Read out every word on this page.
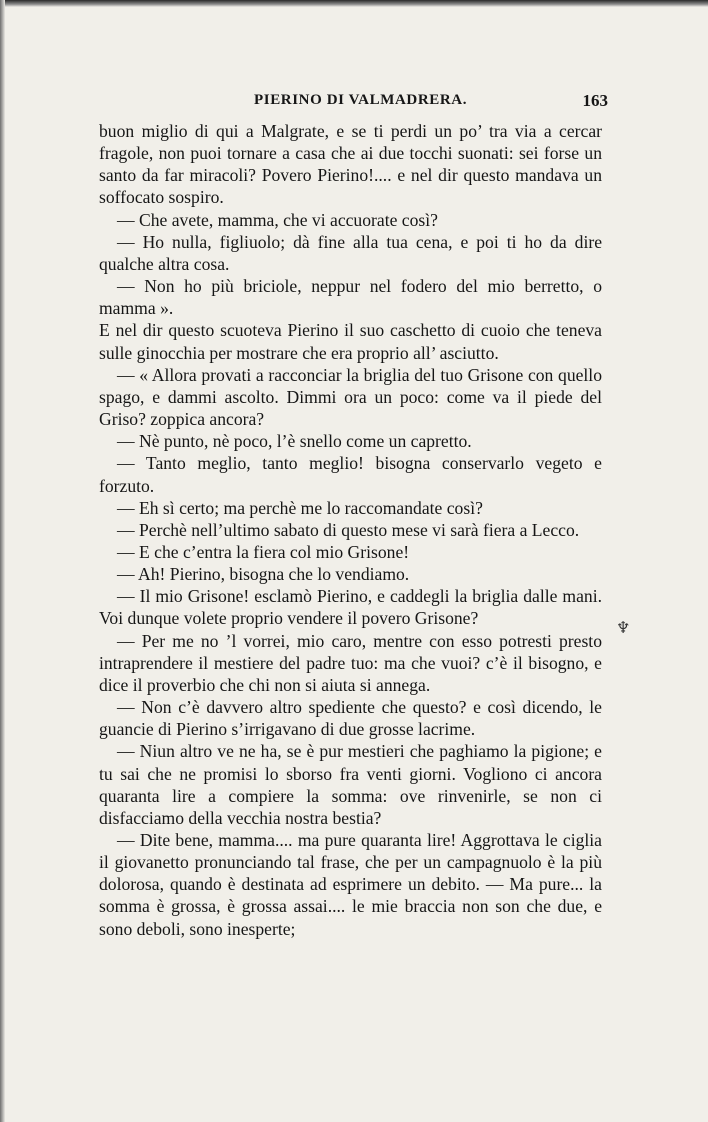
PIERINO DI VALMADRERA.	163

buon miglio di qui a Malgrate, e se ti perdi un po’ tra via a cercar fragole, non puoi tornare a casa che ai due tocchi suonati: sei forse un santo da far miracoli? Povero Pierino!.... e nel dir questo mandava un soffocato sospiro.

— Che avete, mamma, che vi accuorate così?

— Ho nulla, figliuolo; dà fine alla tua cena, e poi ti ho da dire qualche altra cosa.

— Non ho più briciole, neppur nel fodero del mio berretto, o mamma ».

E nel dir questo scuoteva Pierino il suo caschetto di cuoio che teneva sulle ginocchia per mostrare che era proprio all’ asciutto.

— « Allora provati a racconciar la briglia del tuo Grisone con quello spago, e dammi ascolto. Dimmi ora un poco: come va il piede del Griso? zoppica ancora?

— Nè punto, nè poco, l’è snello come un capretto.

— Tanto meglio, tanto meglio! bisogna conservarlo vegeto e forzuto.

— Eh sì certo; ma perchè me lo raccomandate così?

— Perchè nell’ultimo sabato di questo mese vi sarà fiera a Lecco.

— E che c’entra la fiera col mio Grisone!

— Ah! Pierino, bisogna che lo vendiamo.

— Il mio Grisone! esclamò Pierino, e caddegli la briglia dalle mani. Voi dunque volete proprio vendere il povero Grisone?

— Per me no ’l vorrei, mio caro, mentre con esso potresti presto intraprendere il mestiere del padre tuo: ma che vuoi? c’è il bisogno, e dice il proverbio che chi non si aiuta si annega.

— Non c’è davvero altro spediente che questo? e così dicendo, le guancie di Pierino s’irrigavano di due grosse lacrime.

— Niun altro ve ne ha, se è pur mestieri che paghiamo la pigione; e tu sai che ne promisi lo sborso fra venti giorni. Vogliono ci ancora quaranta lire a compiere la somma: ove rinvenirle, se non ci disfacciamo della vecchia nostra bestia?

— Dite bene, mamma.... ma pure quaranta lire! Aggrottava le ciglia il giovanetto pronunciando tal frase, che per un campagnuolo è la più dolorosa, quando è destinata ad esprimere un debito. — Ma pure... la somma è grossa, è grossa assai.... le mie braccia non son che due, e sono deboli, sono inesperte;

♆
